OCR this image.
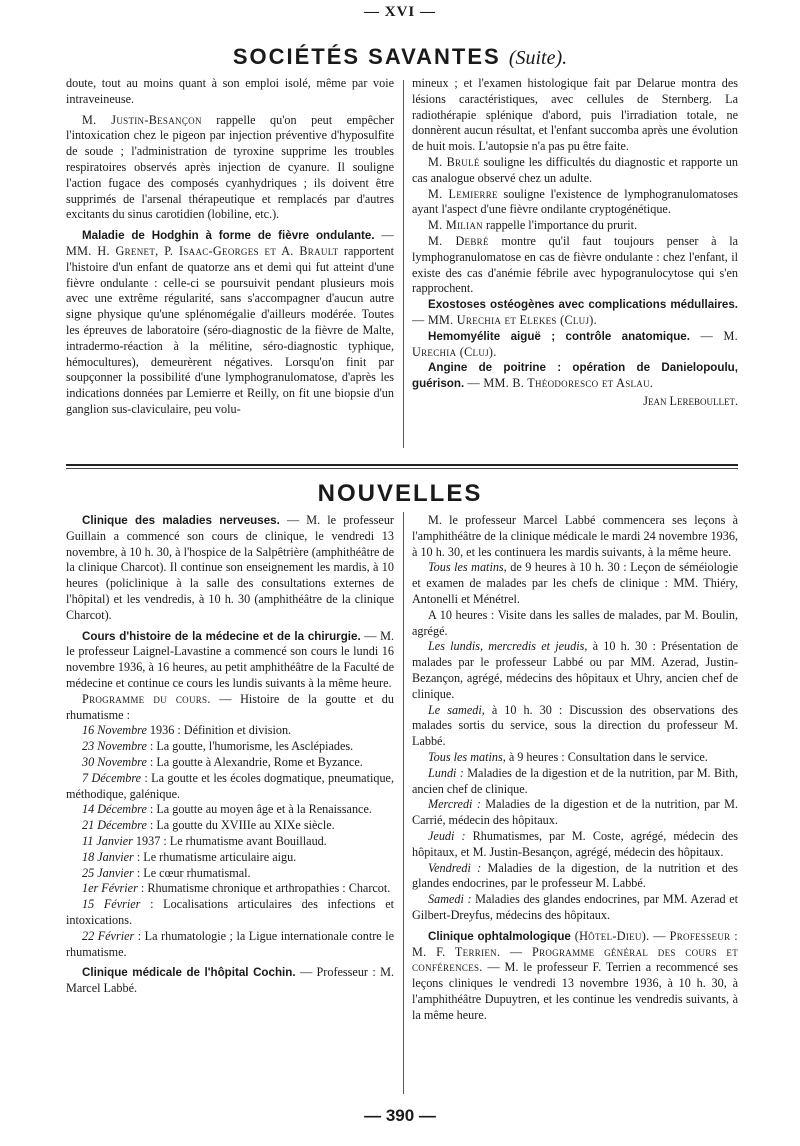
— XVI —
SOCIÉTÉS SAVANTES (Suite).

doute, tout au moins quant à son emploi isolé, même par voie intraveineuse.

M. Justin-Besançon rappelle qu'on peut empêcher l'intoxication chez le pigeon par injection préventive d'hyposulfite de soude ; l'administration de tyroxine supprime les troubles respiratoires observés après injection de cyanure. Il souligne l'action fugace des composés cyanhydriques ; ils doivent être supprimés de l'arsenal thérapeutique et remplacés par d'autres excitants du sinus carotidien (lobiline, etc.).

Maladie de Hodghin à forme de fièvre ondulante. — MM. H. Grenet, P. Isaac-Georges et A. Brault rapportent l'histoire d'un enfant de quatorze ans et demi qui fut atteint d'une fièvre ondulante : celle-ci se poursuivit pendant plusieurs mois avec une extrême régularité, sans s'accompagner d'aucun autre signe physique qu'une splénomégalie d'ailleurs modérée. Toutes les épreuves de laboratoire (séro-diagnostic de la fièvre de Malte, intradermo-réaction à la mélitine, séro-diagnostic typhique, hémocultures), demeurèrent négatives. Lorsqu'on finit par soupçonner la possibilité d'une lymphogranulomatose, d'après les indications données par Lemierre et Reilly, on fit une biopsie d'un ganglion sus-claviculaire, peu volu-

mineux ; et l'examen histologique fait par Delarue montra des lésions caractéristiques, avec cellules de Sternberg. La radiothérapie splénique d'abord, puis l'irradiation totale, ne donnèrent aucun résultat, et l'enfant succomba après une évolution de huit mois. L'autopsie n'a pas pu être faite.

M. Brulé souligne les difficultés du diagnostic et rapporte un cas analogue observé chez un adulte.

M. Lemierre souligne l'existence de lymphogranulomatoses ayant l'aspect d'une fièvre ondilante cryptogénétique.

M. Milian rappelle l'importance du prurit.

M. Debré montre qu'il faut toujours penser à la lymphogranulomatose en cas de fièvre ondulante : chez l'enfant, il existe des cas d'anémie fébrile avec hypogranulocytose qui s'en rapprochent.

Exostoses ostéogènes avec complications médullaires. — MM. Urechia et Elekes (Cluj).

Hemomyélite aiguë ; contrôle anatomique. — M. Urechia (Cluj).

Angine de poitrine : opération de Danielopoulu, guérison. — MM. B. Théodoresco et Aslau.

Jean Lereboullet.
NOUVELLES

Clinique des maladies nerveuses. — M. le professeur Guillain a commencé son cours de clinique, le vendredi 13 novembre, à 10 h. 30, à l'hospice de la Salpêtrière (amphithéâtre de la clinique Charcot). Il continue son enseignement les mardis, à 10 heures (policlinique à la salle des consultations externes de l'hôpital) et les vendredis, à 10 h. 30 (amphithéâtre de la clinique Charcot).

Cours d'histoire de la médecine et de la chirurgie. — M. le professeur Laignel-Lavastine a commencé son cours le lundi 16 novembre 1936, à 16 heures, au petit amphithéâtre de la Faculté de médecine et continue ce cours les lundis suivants à la même heure.

Programme du cours. — Histoire de la goutte et du rhumatisme :

16 Novembre 1936 : Définition et division.

23 Novembre : La goutte, l'humorisme, les Asclépiades.

30 Novembre : La goutte à Alexandrie, Rome et Byzance.

7 Décembre : La goutte et les écoles dogmatique, pneumatique, méthodique, galénique.

14 Décembre : La goutte au moyen âge et à la Renaissance.

21 Décembre : La goutte du XVIIIe au XIXe siècle.

11 Janvier 1937 : Le rhumatisme avant Bouillaud.

18 Janvier : Le rhumatisme articulaire aigu.

25 Janvier : Le cœur rhumatismal.

1er Février : Rhumatisme chronique et arthropathies : Charcot.

15 Février : Localisations articulaires des infections et intoxications.

22 Février : La rhumatologie ; la Ligue internationale contre le rhumatisme.

Clinique médicale de l'hôpital Cochin. — Professeur : M. Marcel Labbé.

M. le professeur Marcel Labbé commencera ses leçons à l'amphithéâtre de la clinique médicale le mardi 24 novembre 1936, à 10 h. 30, et les continuera les mardis suivants, à la même heure.

Tous les matins, de 9 heures à 10 h. 30 : Leçon de séméiologie et examen de malades par les chefs de clinique : MM. Thiéry, Antonelli et Ménétrel.

A 10 heures : Visite dans les salles de malades, par M. Boulin, agrégé.

Les lundis, mercredis et jeudis, à 10 h. 30 : Présentation de malades par le professeur Labbé ou par MM. Azerad, Justin-Bezançon, agrégé, médecins des hôpitaux et Uhry, ancien chef de clinique.

Le samedi, à 10 h. 30 : Discussion des observations des malades sortis du service, sous la direction du professeur M. Labbé.

Tous les matins, à 9 heures : Consultation dans le service.

Lundi : Maladies de la digestion et de la nutrition, par M. Bith, ancien chef de clinique.

Mercredi : Maladies de la digestion et de la nutrition, par M. Carrié, médecin des hôpitaux.

Jeudi : Rhumatismes, par M. Coste, agrégé, médecin des hôpitaux, et M. Justin-Besançon, agrégé, médecin des hôpitaux.

Vendredi : Maladies de la digestion, de la nutrition et des glandes endocrines, par le professeur M. Labbé.

Samedi : Maladies des glandes endocrines, par MM. Azerad et Gilbert-Dreyfus, médecins des hôpitaux.

Clinique ophtalmologique (Hôtel-Dieu). — Professeur : M. F. Terrien. — Programme général des cours et conférences. — M. le professeur F. Terrien a recommencé ses leçons cliniques le vendredi 13 novembre 1936, à 10 h. 30, à l'amphithéâtre Dupuytren, et les continue les vendredis suivants, à la même heure.

— 390 —
